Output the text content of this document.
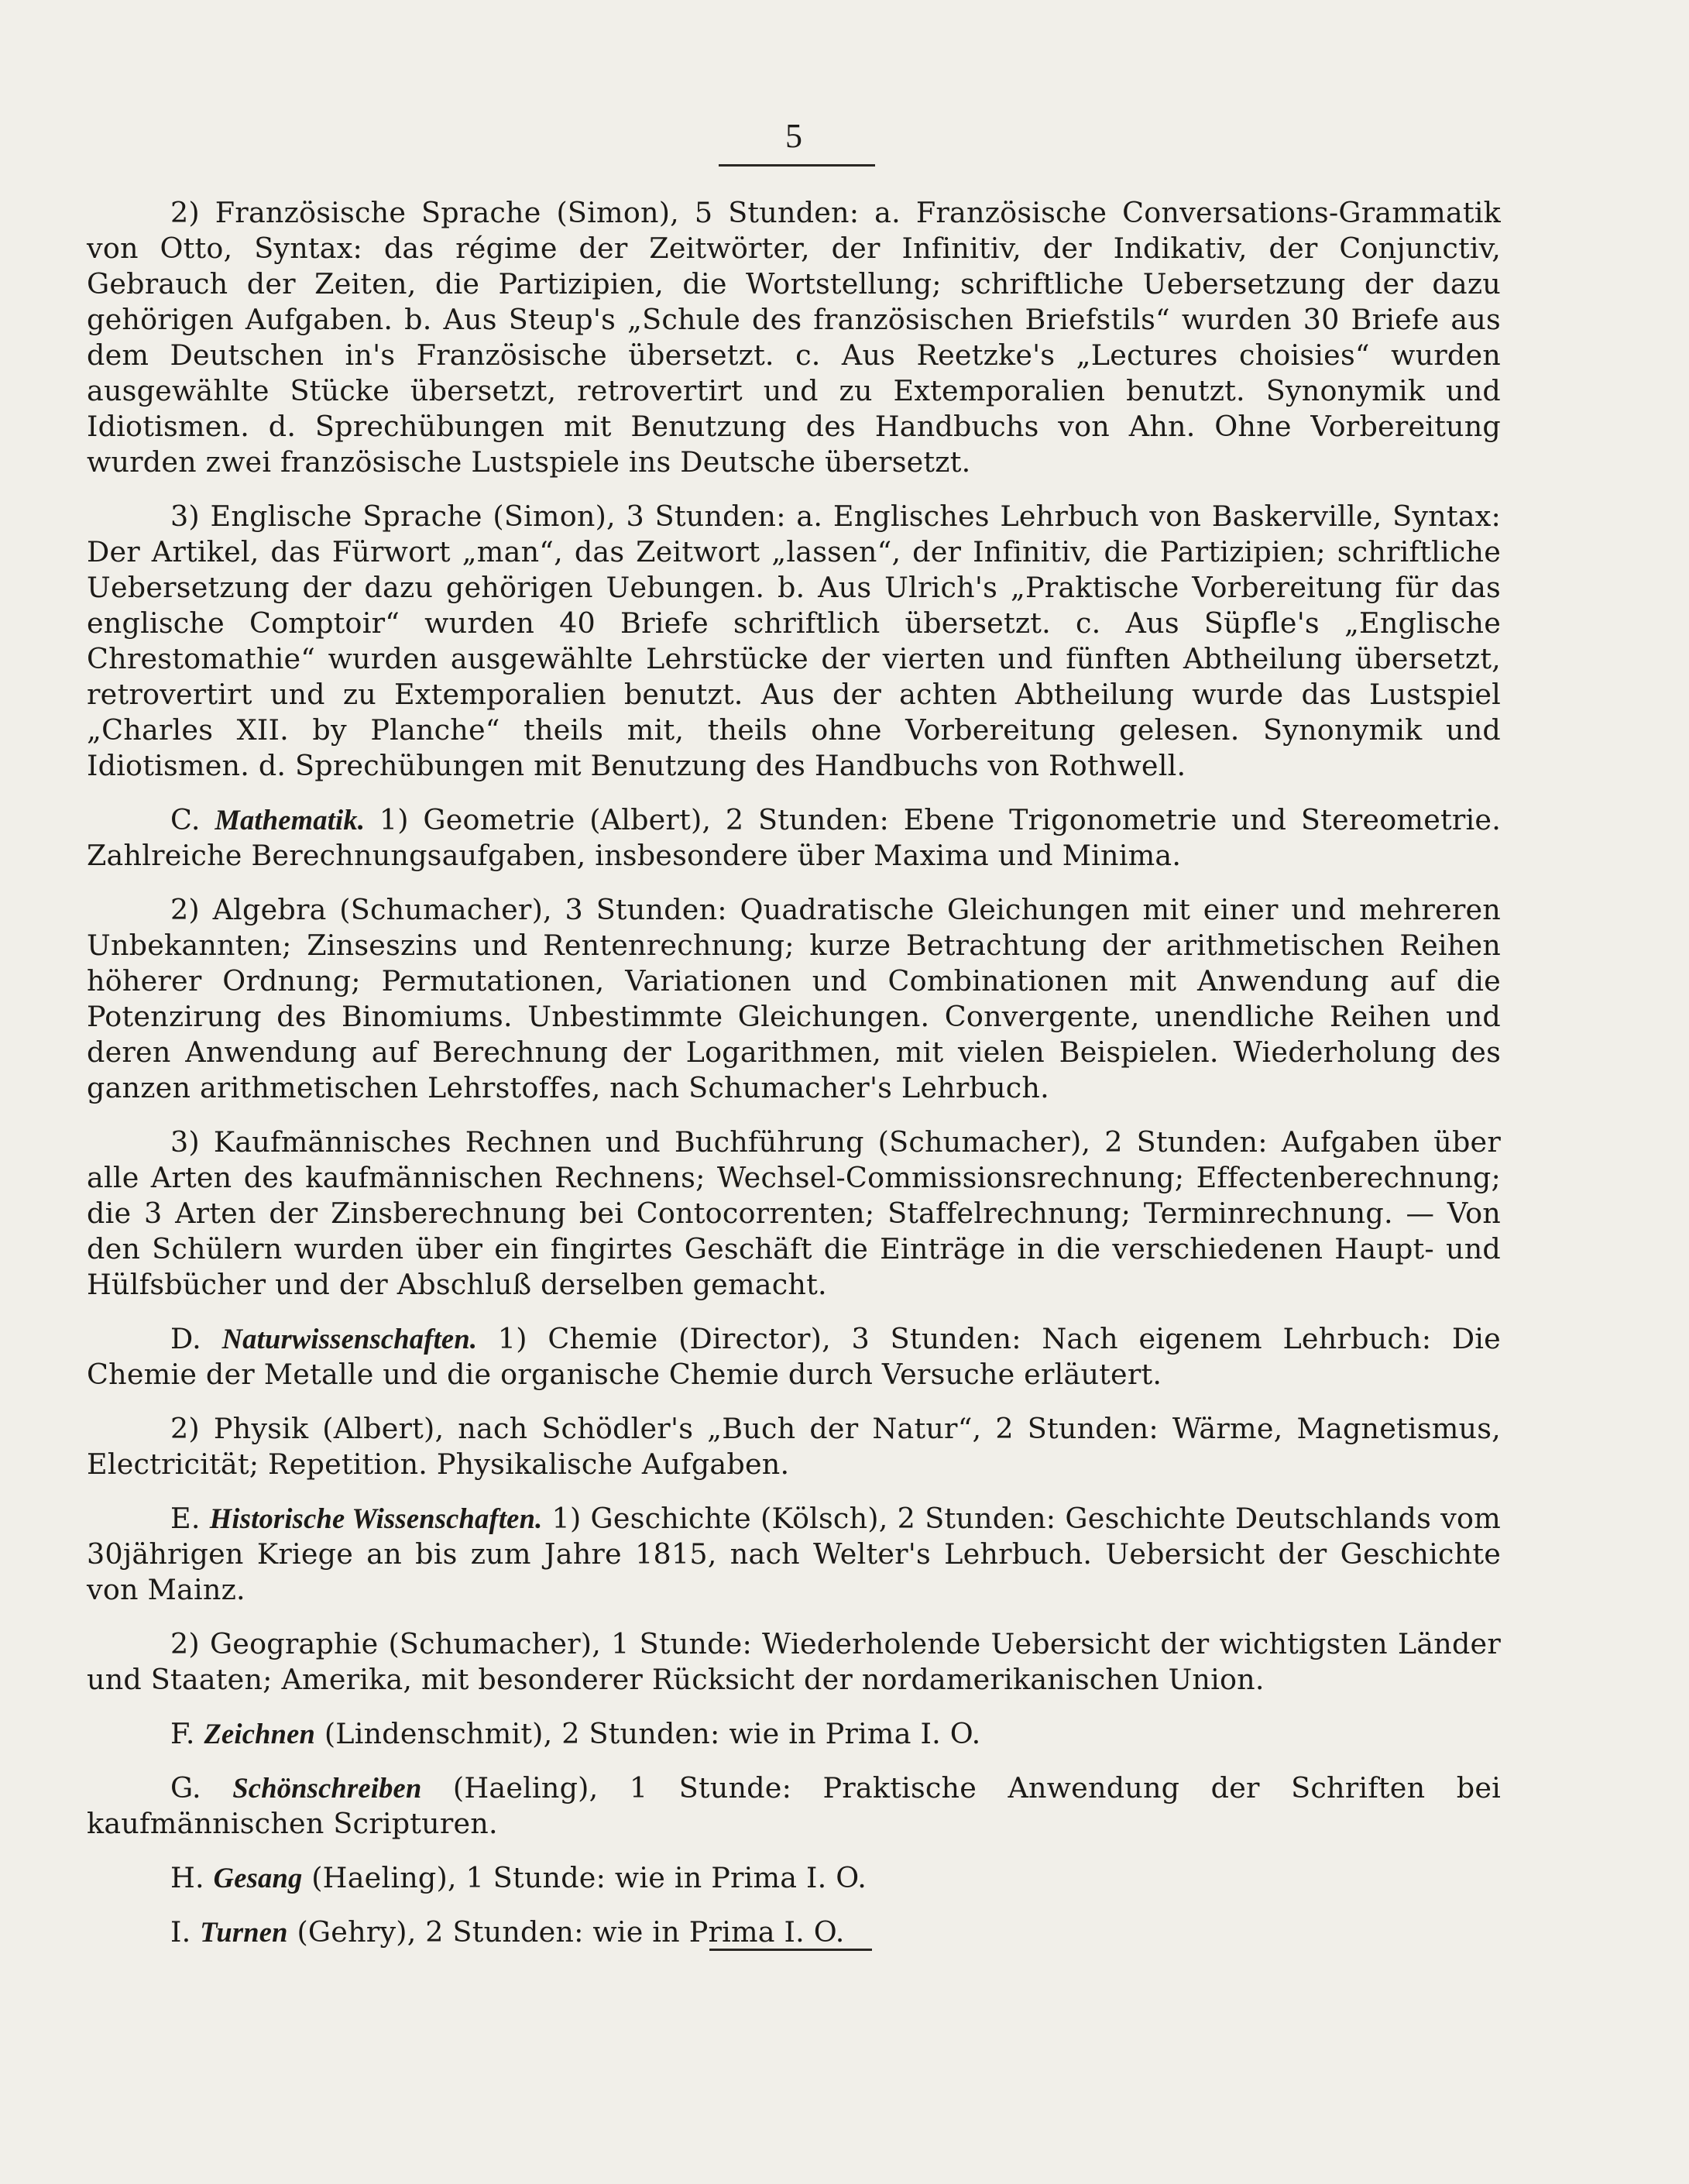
5

2) Französische Sprache (Simon), 5 Stunden: a. Französische Conversations-Grammatik von Otto, Syntax: das régime der Zeitwörter, der Infinitiv, der Indikativ, der Conjunctiv, Gebrauch der Zeiten, die Partizipien, die Wortstellung; schriftliche Uebersetzung der dazu gehörigen Aufgaben. b. Aus Steup's „Schule des französischen Briefstils“ wurden 30 Briefe aus dem Deutschen in's Französische übersetzt. c. Aus Reetzke's „Lectures choisies“ wurden ausgewählte Stücke übersetzt, retrovertirt und zu Extemporalien benutzt. Synonymik und Idiotismen. d. Sprechübungen mit Benutzung des Handbuchs von Ahn. Ohne Vorbereitung wurden zwei französische Lustspiele ins Deutsche übersetzt.

3) Englische Sprache (Simon), 3 Stunden: a. Englisches Lehrbuch von Baskerville, Syntax: Der Artikel, das Fürwort „man“, das Zeitwort „lassen“, der Infinitiv, die Partizipien; schriftliche Uebersetzung der dazu gehörigen Uebungen. b. Aus Ulrich's „Praktische Vorbereitung für das englische Comptoir“ wurden 40 Briefe schriftlich übersetzt. c. Aus Süpfle's „Englische Chrestomathie“ wurden ausgewählte Lehrstücke der vierten und fünften Abtheilung übersetzt, retrovertirt und zu Extemporalien benutzt. Aus der achten Abtheilung wurde das Lustspiel „Charles XII. by Planche“ theils mit, theils ohne Vorbereitung gelesen. Synonymik und Idiotismen. d. Sprechübungen mit Benutzung des Handbuchs von Rothwell.

C. Mathematik. 1) Geometrie (Albert), 2 Stunden: Ebene Trigonometrie und Stereometrie. Zahlreiche Berechnungsaufgaben, insbesondere über Maxima und Minima.

2) Algebra (Schumacher), 3 Stunden: Quadratische Gleichungen mit einer und mehreren Unbekannten; Zinseszins und Rentenrechnung; kurze Betrachtung der arithmetischen Reihen höherer Ordnung; Permutationen, Variationen und Combinationen mit Anwendung auf die Potenzirung des Binomiums. Unbestimmte Gleichungen. Convergente, unendliche Reihen und deren Anwendung auf Berechnung der Logarithmen, mit vielen Beispielen. Wiederholung des ganzen arithmetischen Lehrstoffes, nach Schumacher's Lehrbuch.

3) Kaufmännisches Rechnen und Buchführung (Schumacher), 2 Stunden: Aufgaben über alle Arten des kaufmännischen Rechnens; Wechsel-Commissionsrechnung; Effectenberechnung; die 3 Arten der Zinsberechnung bei Contocorrenten; Staffelrechnung; Terminrechnung. — Von den Schülern wurden über ein fingirtes Geschäft die Einträge in die verschiedenen Haupt- und Hülfsbücher und der Abschluß derselben gemacht.

D. Naturwissenschaften. 1) Chemie (Director), 3 Stunden: Nach eigenem Lehrbuch: Die Chemie der Metalle und die organische Chemie durch Versuche erläutert.

2) Physik (Albert), nach Schödler's „Buch der Natur“, 2 Stunden: Wärme, Magnetismus, Electricität; Repetition. Physikalische Aufgaben.

E. Historische Wissenschaften. 1) Geschichte (Kölsch), 2 Stunden: Geschichte Deutschlands vom 30jährigen Kriege an bis zum Jahre 1815, nach Welter's Lehrbuch. Uebersicht der Geschichte von Mainz.

2) Geographie (Schumacher), 1 Stunde: Wiederholende Uebersicht der wichtigsten Länder und Staaten; Amerika, mit besonderer Rücksicht der nordamerikanischen Union.

F. Zeichnen (Lindenschmit), 2 Stunden: wie in Prima I. O.

G. Schönschreiben (Haeling), 1 Stunde: Praktische Anwendung der Schriften bei kaufmännischen Scripturen.

H. Gesang (Haeling), 1 Stunde: wie in Prima I. O.

I. Turnen (Gehry), 2 Stunden: wie in Prima I. O.
